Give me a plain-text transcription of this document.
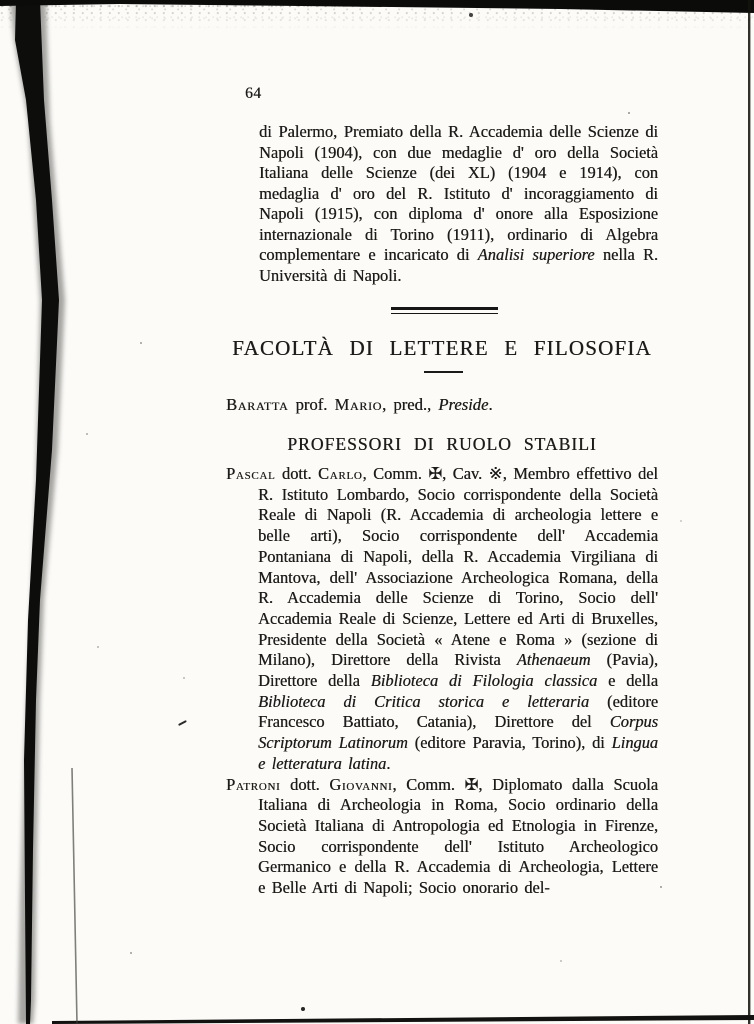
64

di Palermo, Premiato della R. Accademia delle Scienze di Napoli (1904), con due medaglie d' oro della Società Italiana delle Scienze (dei XL) (1904 e 1914), con medaglia d' oro del R. Istituto d' incoraggiamento di Napoli (1915), con diploma d' onore alla Esposizione internazionale di Torino (1911), ordinario di Algebra complementare e incaricato di Analisi superiore nella R. Università di Napoli.

FACOLTÀ DI LETTERE E FILOSOFIA

Baratta prof. Mario, pred., Preside.

PROFESSORI DI RUOLO STABILI

Pascal dott. Carlo, Comm. ✠, Cav. ※, Membro effettivo del R. Istituto Lombardo, Socio corrispondente della Società Reale di Napoli (R. Accademia di archeologia lettere e belle arti), Socio corrispondente dell' Accademia Pontaniana di Napoli, della R. Accademia Virgiliana di Mantova, dell' Associazione Archeologica Romana, della R. Accademia delle Scienze di Torino, Socio dell' Accademia Reale di Scienze, Lettere ed Arti di Bruxelles, Presidente della Società « Atene e Roma » (sezione di Milano), Direttore della Rivista Athenaeum (Pavia), Direttore della Biblioteca di Filologia classica e della Biblioteca di Critica storica e letteraria (editore Francesco Battiato, Catania), Direttore del Corpus Scriptorum Latinorum (editore Paravia, Torino), di Lingua e letteratura latina.

Patroni dott. Giovanni, Comm. ✠, Diplomato dalla Scuola Italiana di Archeologia in Roma, Socio ordinario della Società Italiana di Antropologia ed Etnologia in Firenze, Socio corrispondente dell' Istituto Archeologico Germanico e della R. Accademia di Archeologia, Lettere e Belle Arti di Napoli; Socio onorario del-
